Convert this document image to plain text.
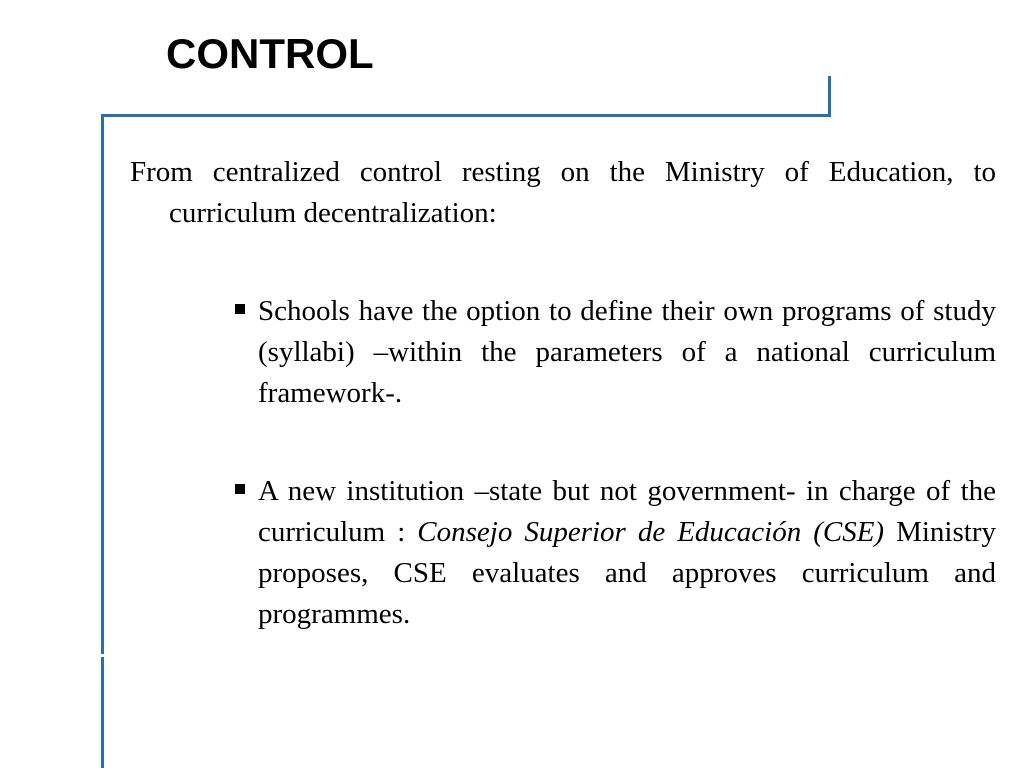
CONTROL

From centralized control resting on the Ministry of Education, to curriculum decentralization:

Schools have the option to define their own programs of study (syllabi) –within the parameters of a national curriculum framework-.
A new institution –state but not government- in charge of the curriculum : Consejo Superior de Educación (CSE) Ministry proposes, CSE evaluates and approves curriculum and programmes.
